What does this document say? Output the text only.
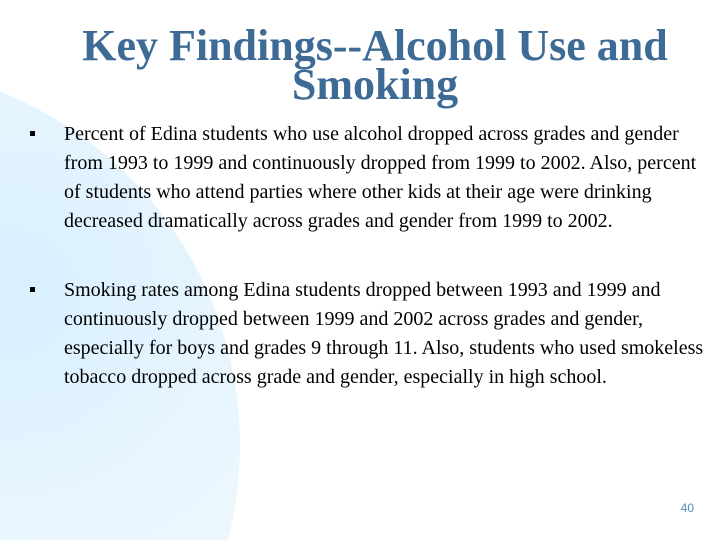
Key Findings--Alcohol Use and
Smoking
Percent of Edina students who use alcohol dropped across grades and gender from 1993 to 1999 and continuously dropped from 1999 to 2002. Also, percent of students who attend parties where other kids at their age were drinking decreased dramatically across grades and gender from 1999 to 2002.
Smoking rates among Edina students dropped between 1993 and 1999 and continuously dropped between 1999 and 2002 across grades and gender, especially for boys and grades 9 through 11. Also, students who used smokeless tobacco dropped across grade and gender, especially in high school.
40
